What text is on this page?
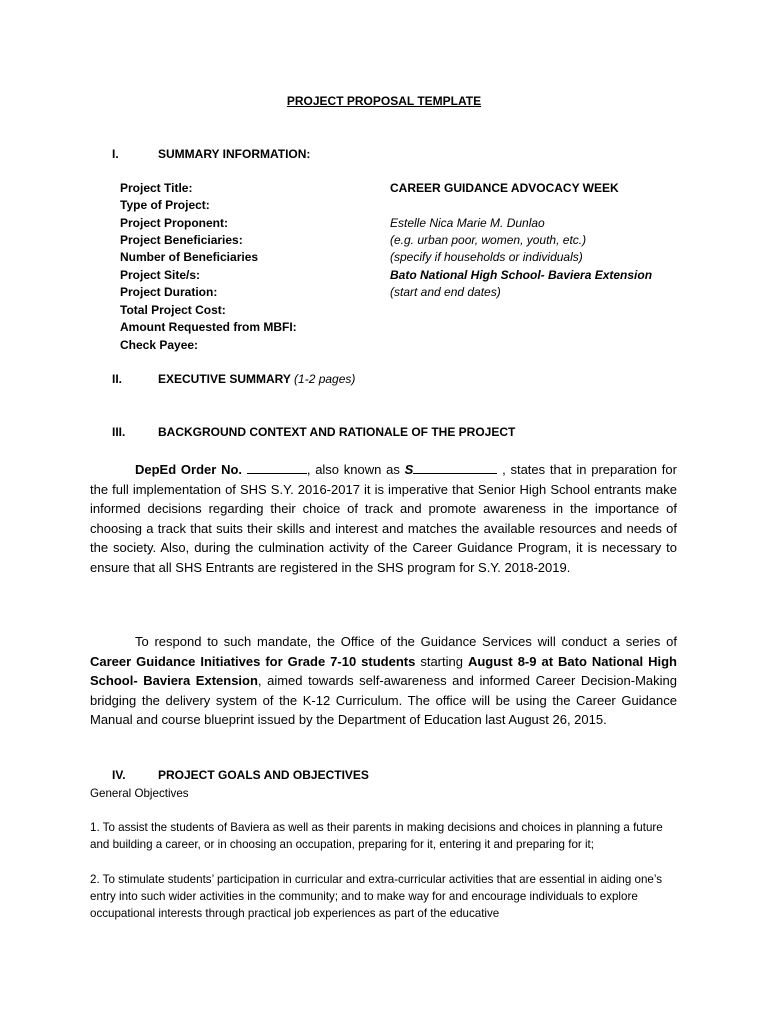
PROJECT PROPOSAL TEMPLATE
I.	SUMMARY INFORMATION:
Project Title:	CAREER GUIDANCE ADVOCACY WEEK
Type of Project:
Project Proponent:	Estelle Nica Marie M. Dunlao
Project Beneficiaries:	(e.g. urban poor, women, youth, etc.)
Number of Beneficiaries	(specify if households or individuals)
Project Site/s:	Bato National High School- Baviera Extension
Project Duration:	(start and end dates)
Total Project Cost:
Amount Requested from MBFI:
Check Payee:
II.	EXECUTIVE SUMMARY (1-2 pages)
III.	BACKGROUND CONTEXT AND RATIONALE OF THE PROJECT
DepEd Order No.	, also known as S	, states that in preparation for the full implementation of SHS S.Y. 2016-2017 it is imperative that Senior High School entrants make informed decisions regarding their choice of track and promote awareness in the importance of choosing a track that suits their skills and interest and matches the available resources and needs of the society. Also, during the culmination activity of the Career Guidance Program, it is necessary to ensure that all SHS Entrants are registered in the SHS program for S.Y. 2018-2019.
To respond to such mandate, the Office of the Guidance Services will conduct a series of Career Guidance Initiatives for Grade 7-10 students starting August 8-9 at Bato National High School- Baviera Extension, aimed towards self-awareness and informed Career Decision-Making bridging the delivery system of the K-12 Curriculum. The office will be using the Career Guidance Manual and course blueprint issued by the Department of Education last August 26, 2015.
IV.	PROJECT GOALS AND OBJECTIVES
General Objectives
1. To assist the students of Baviera as well as their parents in making decisions and choices in planning a future and building a career, or in choosing an occupation, preparing for it, entering it and preparing for it;
2. To stimulate students’ participation in curricular and extra-curricular activities that are essential in aiding one’s entry into such wider activities in the community; and to make way for and encourage individuals to explore occupational interests through practical job experiences as part of the educative
